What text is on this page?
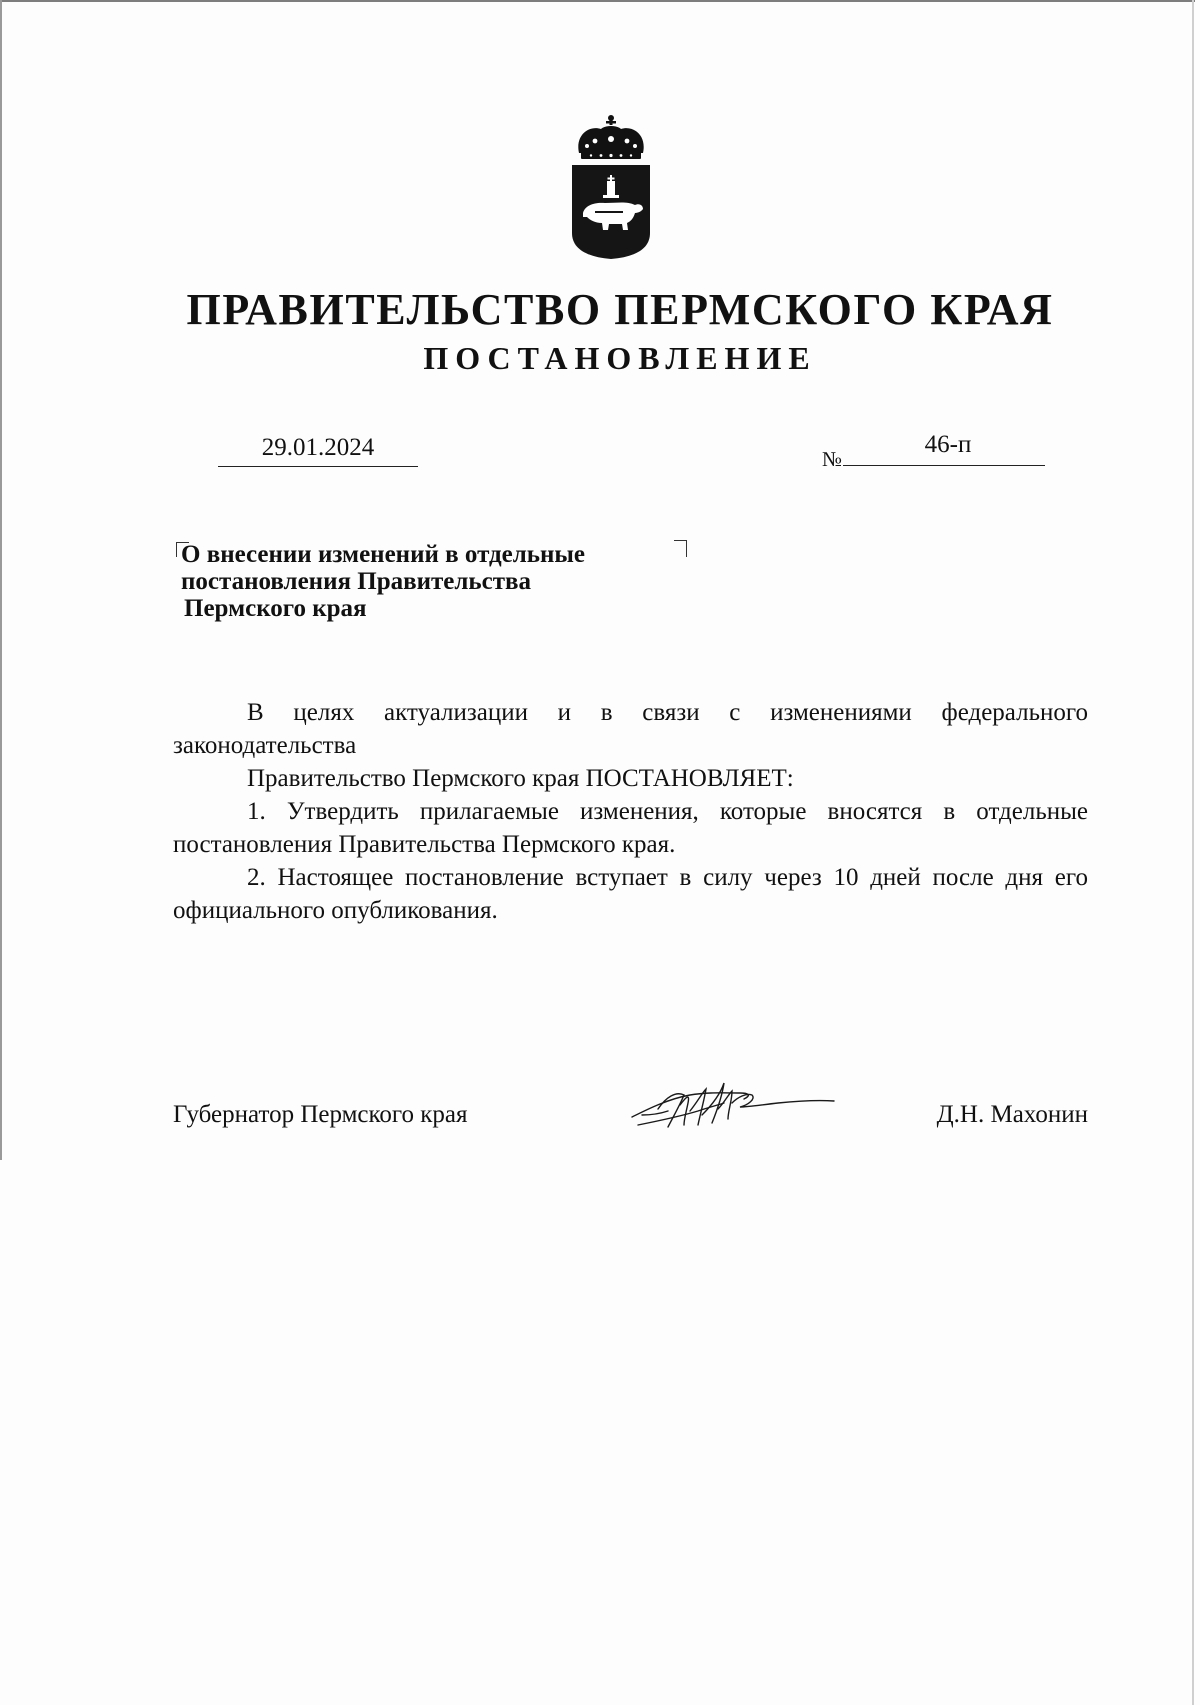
ПРАВИТЕЛЬСТВО ПЕРМСКОГО КРАЯ
ПОСТАНОВЛЕНИЕ
29.01.2024	№
46-п
О внесении изменений в отдельные
постановления Правительства
Пермского края

В целях актуализации и в связи с изменениями федерального законодательства

Правительство Пермского края ПОСТАНОВЛЯЕТ:

1. Утвердить прилагаемые изменения, которые вносятся в отдельные постановления Правительства Пермского края.

2. Настоящее постановление вступает в силу через 10 дней после дня его официального опубликования.

Губернатор Пермского края	Д.Н. Махонин
